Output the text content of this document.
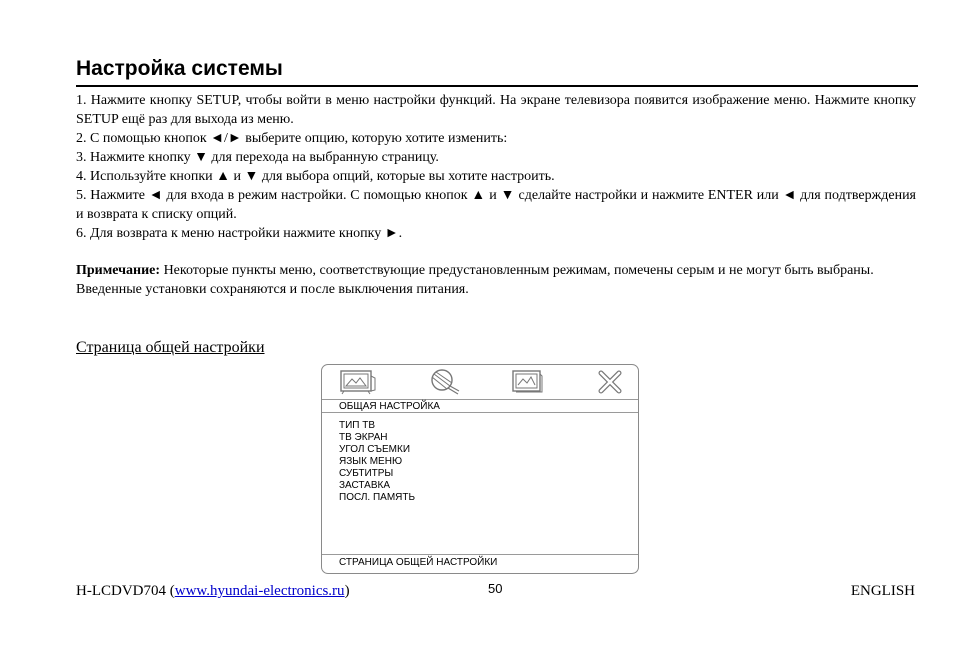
Настройка системы

1. Нажмите кнопку SETUP, чтобы войти в меню настройки функций. На экране телевизора появится изображение меню. Нажмите кнопку SETUP ещё раз для выхода из меню.

2. С помощью кнопок ◄/► выберите опцию, которую хотите изменить:

3. Нажмите кнопку ▼ для перехода на выбранную страницу.

4. Используйте кнопки ▲ и ▼ для выбора опций, которые вы хотите настроить.

5. Нажмите ◄ для входа в режим настройки. С помощью кнопок ▲ и ▼ сделайте настройки и нажмите ENTER или ◄ для подтверждения и возврата к списку опций.

6. Для возврата к меню настройки нажмите кнопку ►.

Примечание: Некоторые пункты меню, соответствующие предустановленным режимам, помечены серым и не могут быть выбраны.

Введенные установки сохраняются и после выключения питания.

Страница общей настройки
ОБЩАЯ НАСТРОЙКА
ТИП ТВ
ТВ ЭКРАН
УГОЛ СЪЕМКИ
ЯЗЫК МЕНЮ
СУБТИТРЫ
ЗАСТАВКА
ПОСЛ. ПАМЯТЬ
СТРАНИЦА ОБЩЕЙ НАСТРОЙКИ
H-LCDVD704 (www.hyundai-electronics.ru)	50	ENGLISH
